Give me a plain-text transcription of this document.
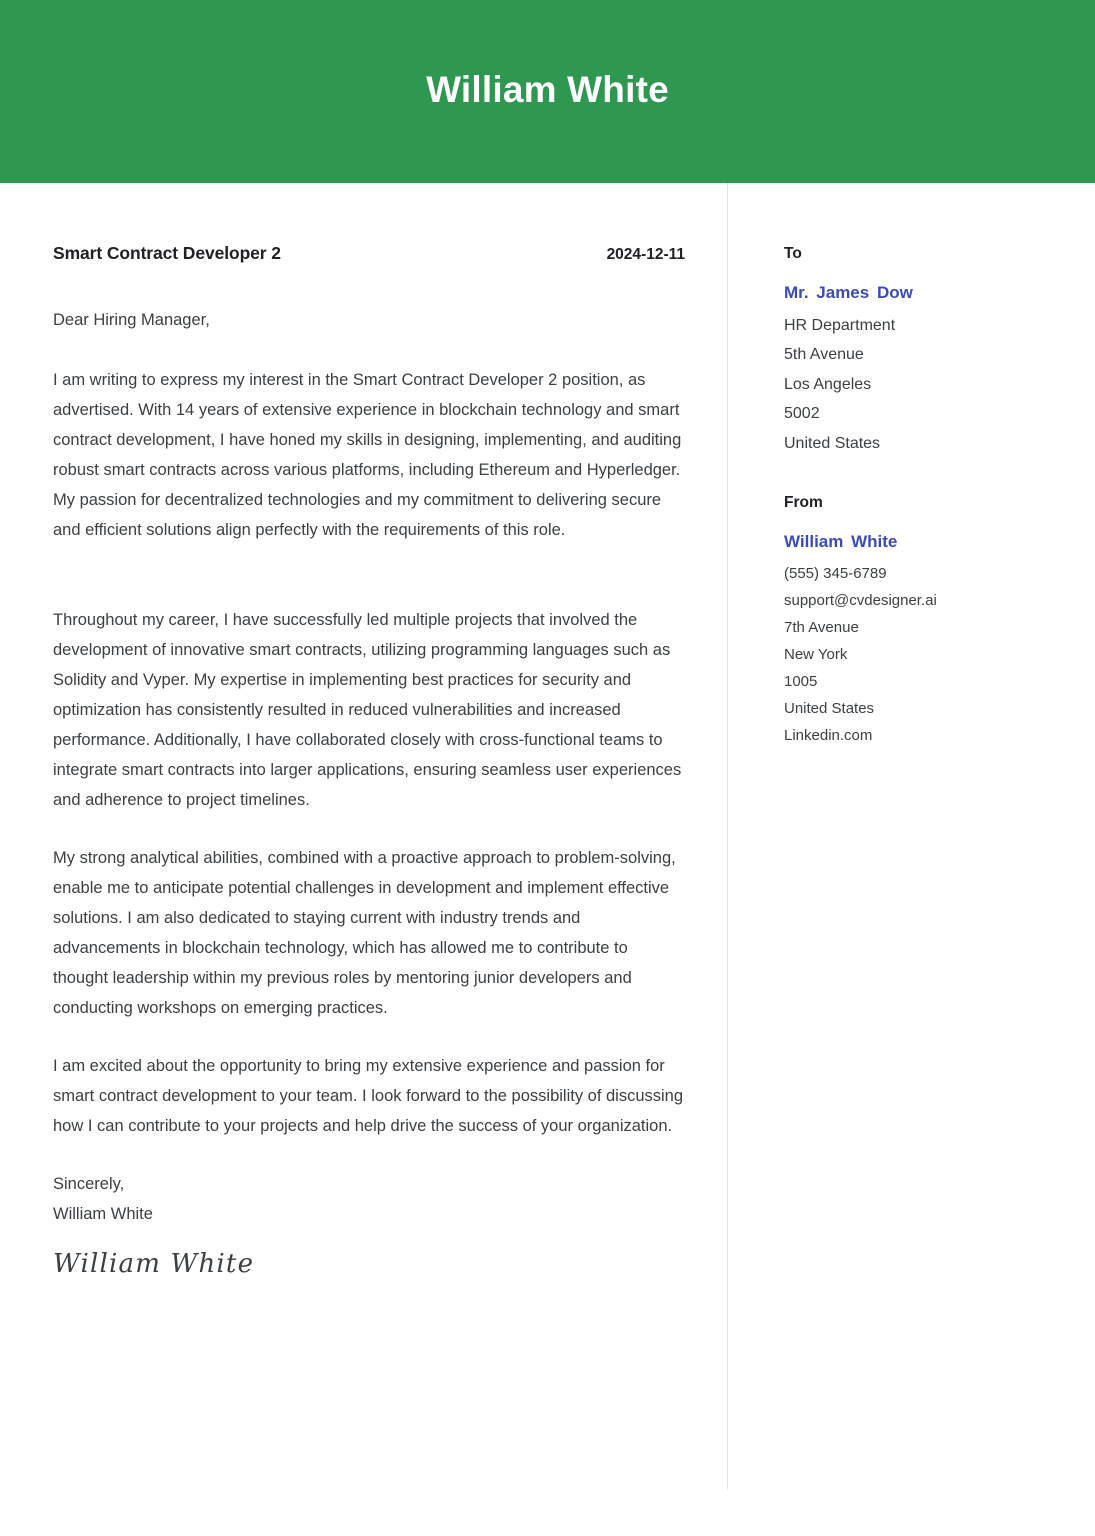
William White
Smart Contract Developer 2	2024-12-11

Dear Hiring Manager,

I am writing to express my interest in the Smart Contract Developer 2 position, as advertised. With 14 years of extensive experience in blockchain technology and smart contract development, I have honed my skills in designing, implementing, and auditing robust smart contracts across various platforms, including Ethereum and Hyperledger. My passion for decentralized technologies and my commitment to delivering secure and efficient solutions align perfectly with the requirements of this role.

Throughout my career, I have successfully led multiple projects that involved the development of innovative smart contracts, utilizing programming languages such as Solidity and Vyper. My expertise in implementing best practices for security and optimization has consistently resulted in reduced vulnerabilities and increased performance. Additionally, I have collaborated closely with cross-functional teams to integrate smart contracts into larger applications, ensuring seamless user experiences and adherence to project timelines.

My strong analytical abilities, combined with a proactive approach to problem-solving, enable me to anticipate potential challenges in development and implement effective solutions. I am also dedicated to staying current with industry trends and advancements in blockchain technology, which has allowed me to contribute to thought leadership within my previous roles by mentoring junior developers and conducting workshops on emerging practices.

I am excited about the opportunity to bring my extensive experience and passion for smart contract development to your team. I look forward to the possibility of discussing how I can contribute to your projects and help drive the success of your organization.

Sincerely,
William White
William White
To
Mr. James Dow
HR Department
5th Avenue
Los Angeles
5002
United States
From
William White
(555) 345-6789
support@cvdesigner.ai
7th Avenue
New York
1005
United States
Linkedin.com
